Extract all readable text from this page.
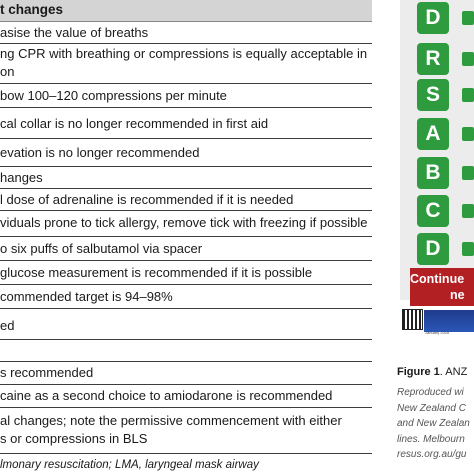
t changes
asise the value of breaths
ng CPR with breathing or compressions is equally acceptable in
on
bow 100–120 compressions per minute
cal collar is no longer recommended in first aid
evation is no longer recommended
hanges
l dose of adrenaline is recommended if it is needed
viduals prone to tick allergy, remove tick with freezing if possible
o six puffs of salbutamol via spacer
glucose measurement is recommended if it is possible
commended target is 94–98%
ed
s recommended
caine as a second choice to amiodarone is recommended
al changes; note the permissive commencement with either
s or compressions in BLS
lmonary resuscitation; LMA, laryngeal mask airway
D
R
S
A
B
C
D
Continue
ne
January 2016
Figure 1. ANZ
Reproduced wi
New Zealand C
and New Zealan
lines. Melbourn
resus.org.au/gu
